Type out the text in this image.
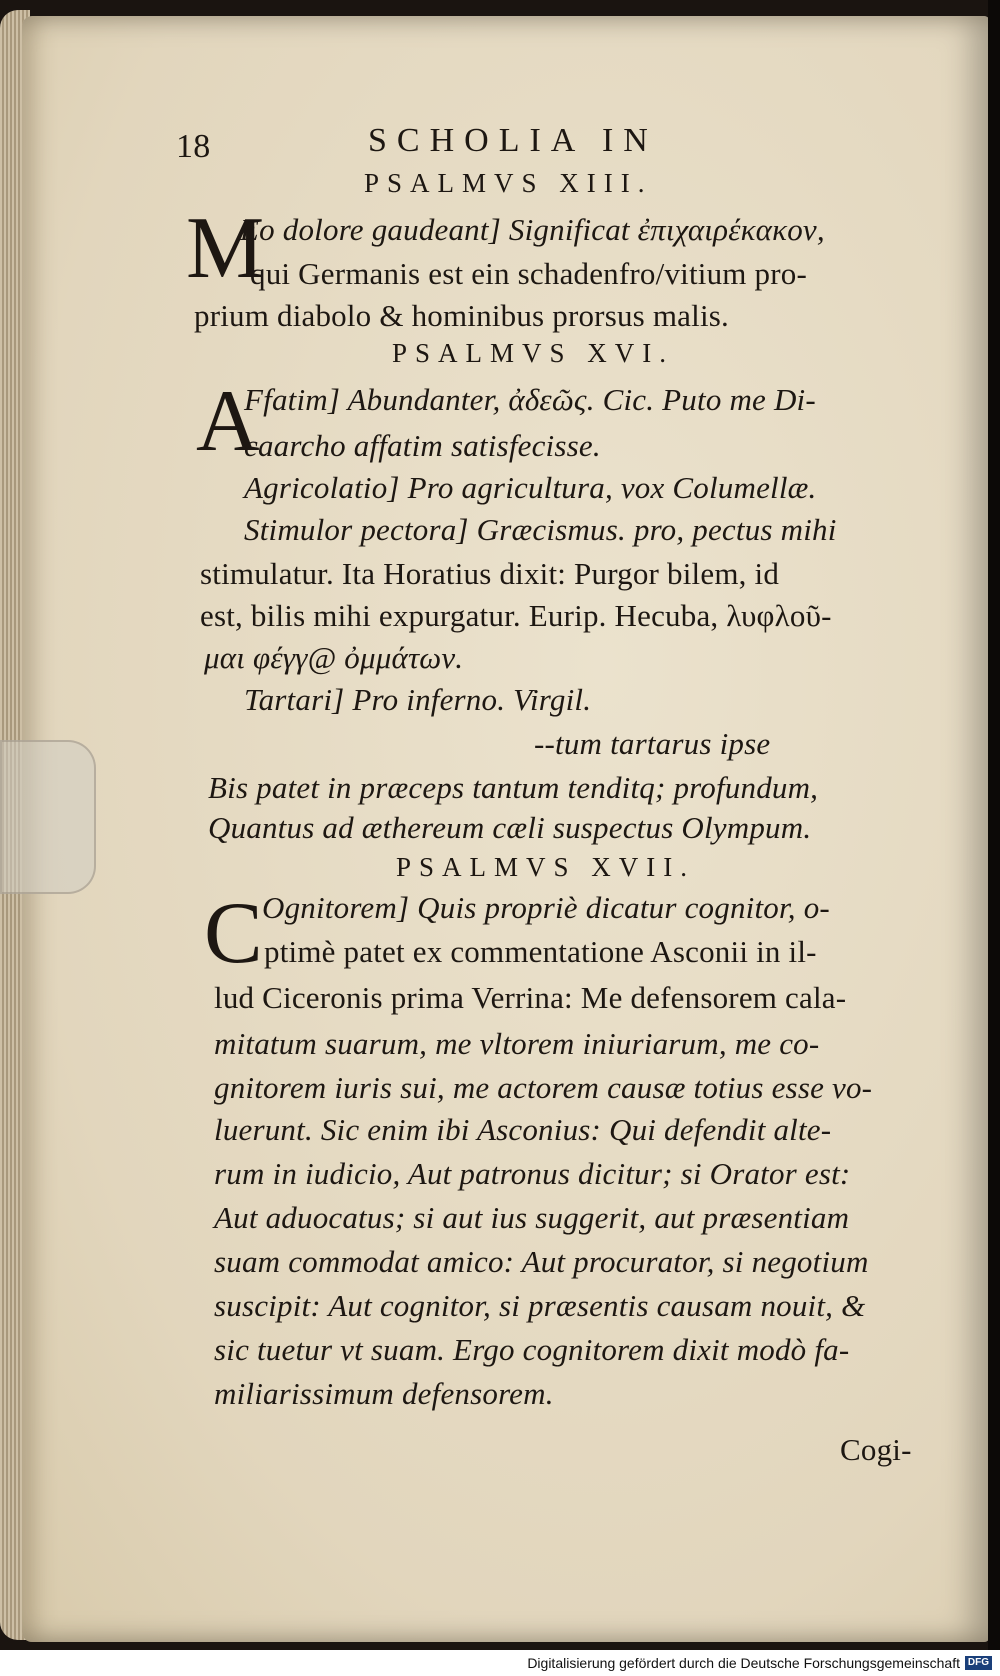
18	SCHOLIA IN
PSALMVS XIII.
M
Eo dolore gaudeant] Significat ἐπιχαιρέκακον,
qui Germanis est ein schadenfro/vitium pro-
prium diabolo & hominibus prorsus malis.
PSALMVS XVI.
A
Ffatim] Abundanter, ἀδεῶς. Cic. Puto me Di-
caarcho affatim satisfecisse.
Agricolatio] Pro agricultura, vox Columellæ.
Stimulor pectora] Græcismus. pro, pectus mihi
stimulatur. Ita Horatius dixit: Purgor bilem, id
est, bilis mihi expurgatur. Eurip. Hecuba, λυφλοῦ-
μαι φέγγ@ ὀμμάτων.
Tartari] Pro inferno. Virgil.
--tum tartarus ipse
Bis patet in præceps tantum tenditq; profundum,
Quantus ad æthereum cæli suspectus Olympum.
PSALMVS XVII.
C Ognitorem] Quis propriè dicatur cognitor, o-
ptimè patet ex commentatione Asconii in il-
lud Ciceronis prima Verrina: Me defensorem cala-
mitatum suarum, me vltorem iniuriarum, me co-
gnitorem iuris sui, me actorem causæ totius esse vo-
luerunt. Sic enim ibi Asconius: Qui defendit alte-
rum in iudicio, Aut patronus dicitur; si Orator est:
Aut aduocatus; si aut ius suggerit, aut præsentiam
suam commodat amico: Aut procurator, si negotium
suscipit: Aut cognitor, si præsentis causam nouit, &
sic tuetur vt suam. Ergo cognitorem dixit modò fa-
miliarissimum defensorem.
Cogi-
Digitalisierung gefördert durch die Deutsche Forschungsgemeinschaft DFG
